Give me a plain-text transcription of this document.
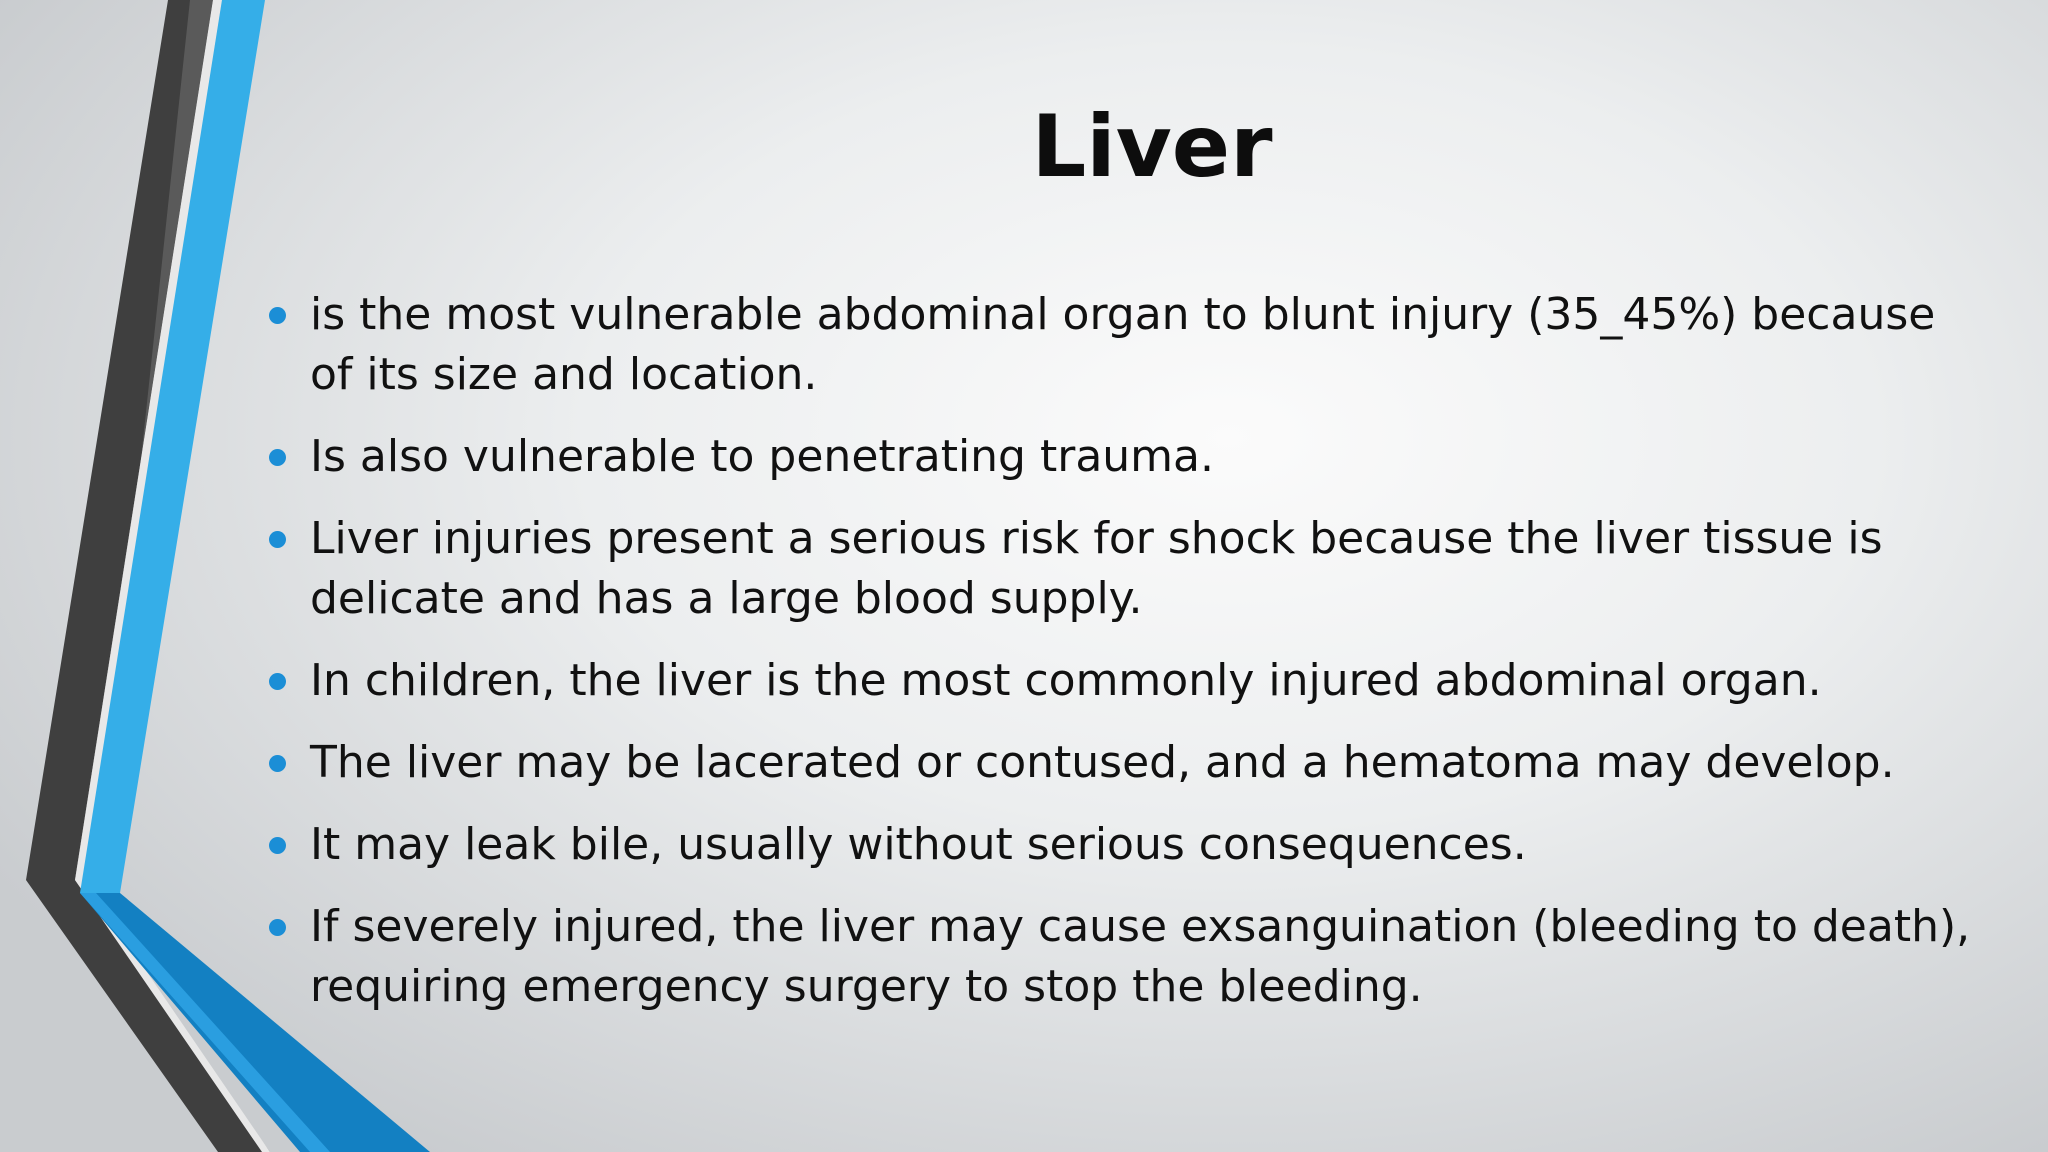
Liver
is the most vulnerable abdominal organ to blunt injury (35_45%) because of its size and location.
Is also vulnerable to penetrating trauma.
Liver injuries present a serious risk for shock because the liver tissue is delicate and has a large blood supply.
In children, the liver is the most commonly injured abdominal organ.
The liver may be lacerated or contused, and a hematoma may develop.
It may leak bile, usually without serious consequences.
If severely injured, the liver may cause exsanguination (bleeding to death), requiring emergency surgery to stop the bleeding.
